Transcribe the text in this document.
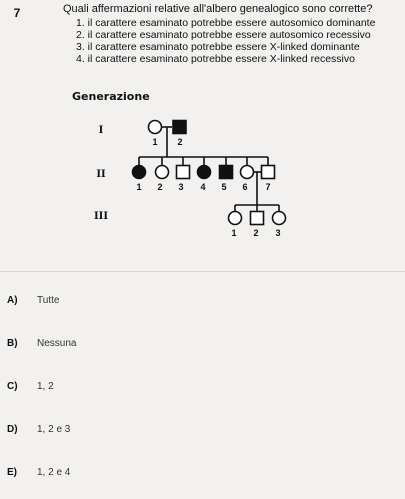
7	Quali affermazioni relative all'albero genealogico sono corrette?
1. il carattere esaminato potrebbe essere autosomico dominante
2. il carattere esaminato potrebbe essere autosomico recessivo
3. il carattere esaminato potrebbe essere X-linked dominante
4. il carattere esaminato potrebbe essere X-linked recessivo
Generazione
I
II
III
1 2
1 2 3 4 5 6 7
1 2 3
A)	Tutte
B)	Nessuna
C)	1, 2
D)	1, 2 e 3
E)	1, 2 e 4
